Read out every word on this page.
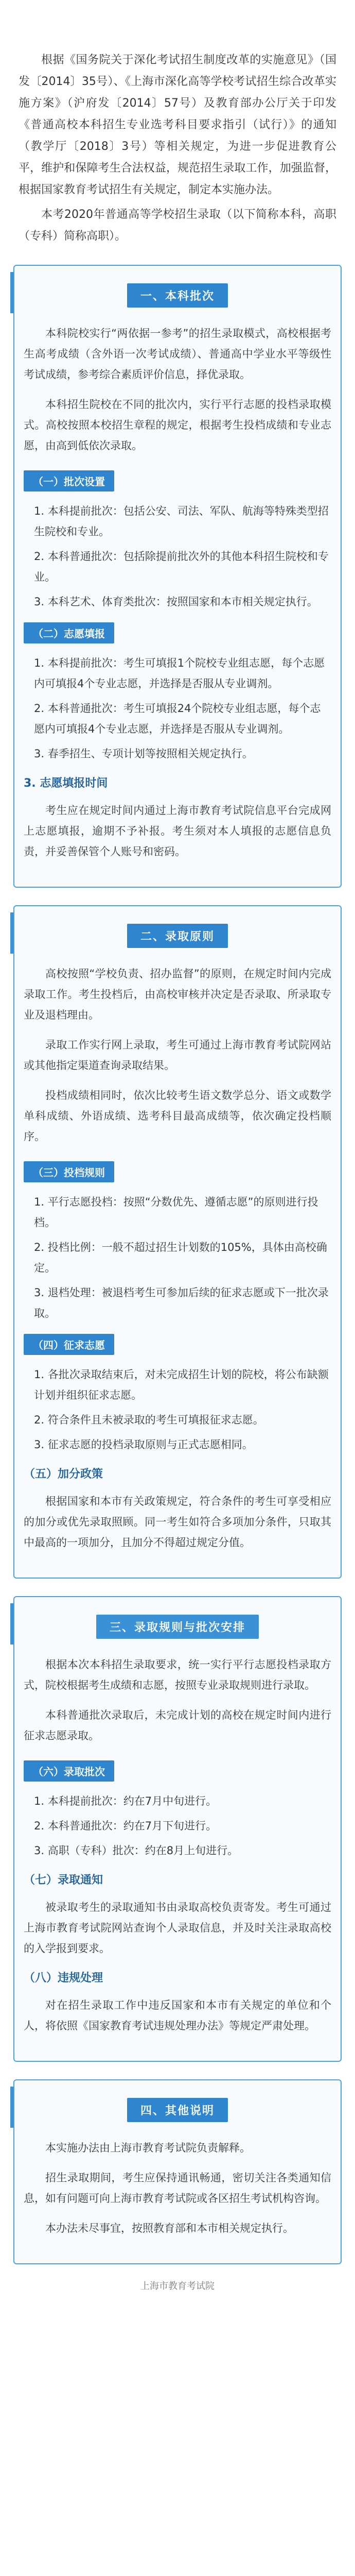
根据《国务院关于深化考试招生制度改革的实施意见》（国发〔2014〕35号）、《上海市深化高等学校考试招生综合改革实施方案》（沪府发〔2014〕57号）及教育部办公厅关于印发《普通高校本科招生专业选考科目要求指引（试行）》的通知（教学厅〔2018〕3号）等相关规定，为进一步促进教育公平，维护和保障考生合法权益，规范招生录取工作，加强监督，根据国家教育考试招生有关规定，制定本实施办法。

本考2020年普通高等学校招生录取（以下简称本科，高职（专科）简称高职）。

一、本科批次

本科院校实行“两依据一参考”的招生录取模式，高校根据考生高考成绩（含外语一次考试成绩）、普通高中学业水平等级性考试成绩，参考综合素质评价信息，择优录取。

本科招生院校在不同的批次内，实行平行志愿的投档录取模式。高校按照本校招生章程的规定，根据考生投档成绩和专业志愿，由高到低依次录取。

（一）批次设置
1. 本科提前批次：包括公安、司法、军队、航海等特殊类型招生院校和专业。
2. 本科普通批次：包括除提前批次外的其他本科招生院校和专业。
3. 本科艺术、体育类批次：按照国家和本市相关规定执行。
（二）志愿填报
1. 本科提前批次：考生可填报1个院校专业组志愿，每个志愿内可填报4个专业志愿，并选择是否服从专业调剂。
2. 本科普通批次：考生可填报24个院校专业组志愿，每个志愿内可填报4个专业志愿，并选择是否服从专业调剂。
3. 春季招生、专项计划等按照相关规定执行。
3. 志愿填报时间

考生应在规定时间内通过上海市教育考试院信息平台完成网上志愿填报，逾期不予补报。考生须对本人填报的志愿信息负责，并妥善保管个人账号和密码。

二、录取原则

高校按照“学校负责、招办监督”的原则，在规定时间内完成录取工作。考生投档后，由高校审核并决定是否录取、所录取专业及退档理由。

录取工作实行网上录取，考生可通过上海市教育考试院网站或其他指定渠道查询录取结果。

投档成绩相同时，依次比较考生语文数学总分、语文或数学单科成绩、外语成绩、选考科目最高成绩等，依次确定投档顺序。

（三）投档规则
1. 平行志愿投档：按照“分数优先、遵循志愿”的原则进行投档。
2. 投档比例：一般不超过招生计划数的105%，具体由高校确定。
3. 退档处理：被退档考生可参加后续的征求志愿或下一批次录取。
（四）征求志愿
1. 各批次录取结束后，对未完成招生计划的院校，将公布缺额计划并组织征求志愿。
2. 符合条件且未被录取的考生可填报征求志愿。
3. 征求志愿的投档录取原则与正式志愿相同。
（五）加分政策

根据国家和本市有关政策规定，符合条件的考生可享受相应的加分或优先录取照顾。同一考生如符合多项加分条件，只取其中最高的一项加分，且加分不得超过规定分值。

三、录取规则与批次安排

根据本次本科招生录取要求，统一实行平行志愿投档录取方式，院校根据考生成绩和志愿，按照专业录取规则进行录取。

本科普通批次录取后，未完成计划的高校在规定时间内进行征求志愿录取。

（六）录取批次
1. 本科提前批次：约在7月中旬进行。
2. 本科普通批次：约在7月下旬进行。
3. 高职（专科）批次：约在8月上旬进行。
（七）录取通知

被录取考生的录取通知书由录取高校负责寄发。考生可通过上海市教育考试院网站查询个人录取信息，并及时关注录取高校的入学报到要求。

（八）违规处理

对在招生录取工作中违反国家和本市有关规定的单位和个人，将依照《国家教育考试违规处理办法》等规定严肃处理。

四、其他说明

本实施办法由上海市教育考试院负责解释。

招生录取期间，考生应保持通讯畅通，密切关注各类通知信息，如有问题可向上海市教育考试院或各区招生考试机构咨询。

本办法未尽事宜，按照教育部和本市相关规定执行。

上海市教育考试院
